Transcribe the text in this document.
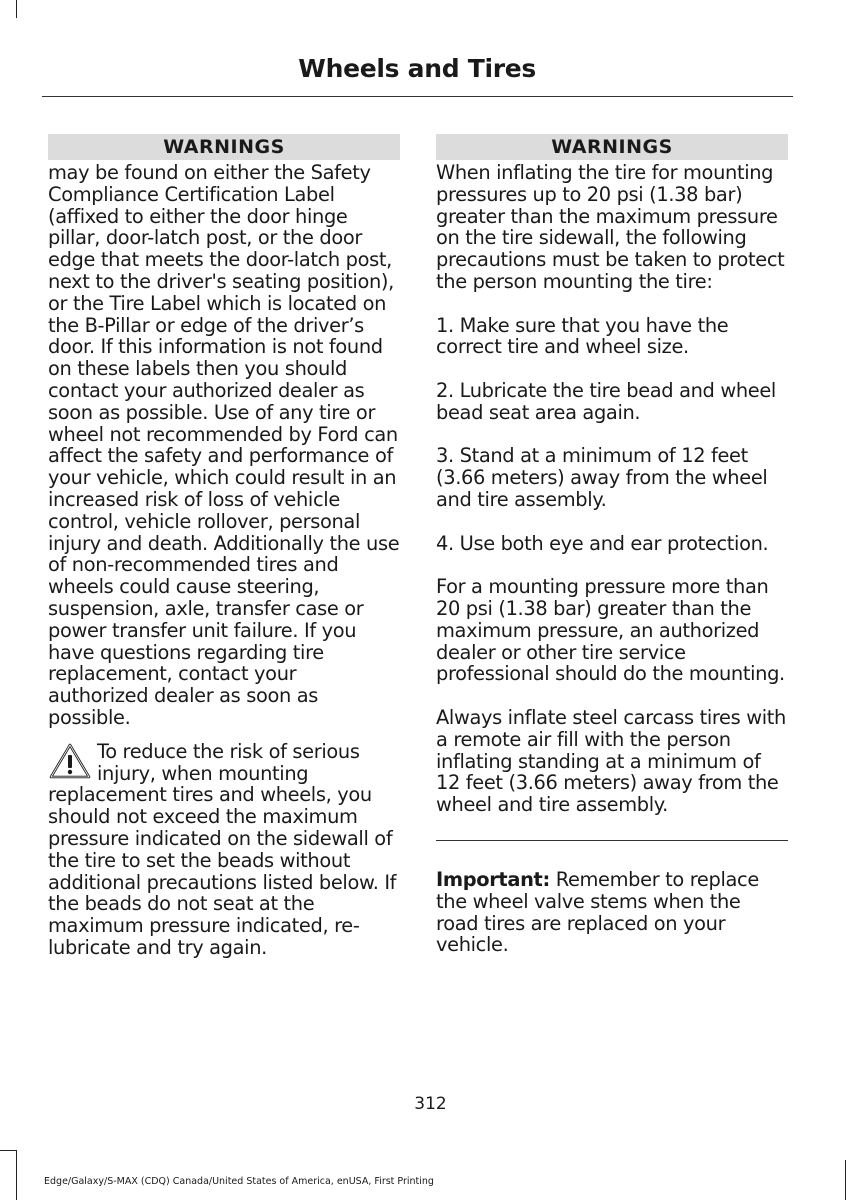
Wheels and Tires
WARNINGS

may be found on either the Safety Compliance Certification Label (affixed to either the door hinge pillar, door-latch post, or the door edge that meets the door-latch post, next to the driver's seating position), or the Tire Label which is located on the B-Pillar or edge of the driver’s door. If this information is not found on these labels then you should contact your authorized dealer as soon as possible. Use of any tire or wheel not recommended by Ford can affect the safety and performance of your vehicle, which could result in an increased risk of loss of vehicle control, vehicle rollover, personal injury and death. Additionally the use of non-recommended tires and wheels could cause steering, suspension, axle, transfer case or power transfer unit failure. If you have questions regarding tire replacement, contact your authorized dealer as soon as possible.

To reduce the risk of serious injury, when mounting replacement tires and wheels, you should not exceed the maximum pressure indicated on the sidewall of the tire to set the beads without additional precautions listed below. If the beads do not seat at the maximum pressure indicated, re-lubricate and try again.

WARNINGS

When inflating the tire for mounting pressures up to 20 psi (1.38 bar) greater than the maximum pressure on the tire sidewall, the following precautions must be taken to protect the person mounting the tire:

1. Make sure that you have the correct tire and wheel size.

2. Lubricate the tire bead and wheel bead seat area again.

3. Stand at a minimum of 12 feet (3.66 meters) away from the wheel and tire assembly.

4. Use both eye and ear protection.

For a mounting pressure more than 20 psi (1.38 bar) greater than the maximum pressure, an authorized dealer or other tire service professional should do the mounting.

Always inflate steel carcass tires with a remote air fill with the person inflating standing at a minimum of 12 feet (3.66 meters) away from the wheel and tire assembly.

Important: Remember to replace the wheel valve stems when the road tires are replaced on your vehicle.

312
Edge/Galaxy/S-MAX (CDQ) Canada/United States of America, enUSA, First Printing
